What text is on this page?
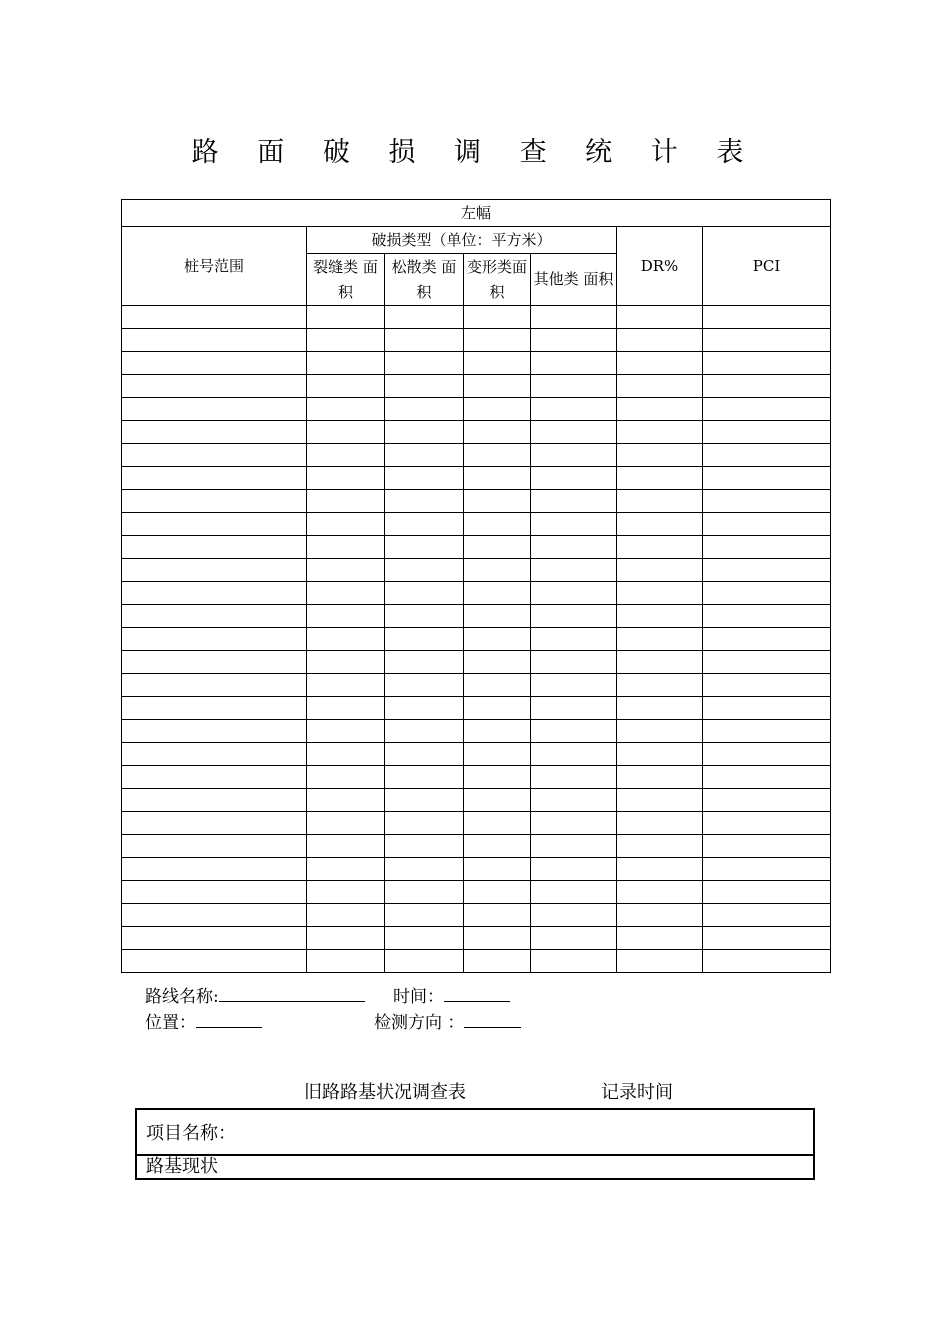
路 面 破 损 调 查 统 计 表
左幅						
桩号范围	破损类型（单位：平方米）				DR%	PCI

	裂缝类 面积	松散类 面积	变形类面积	其他类 面积		

路线名称:	时间：
位置：	检测方向 ：
旧路路基状况调查表	记录时间
项目名称：
路基现状
